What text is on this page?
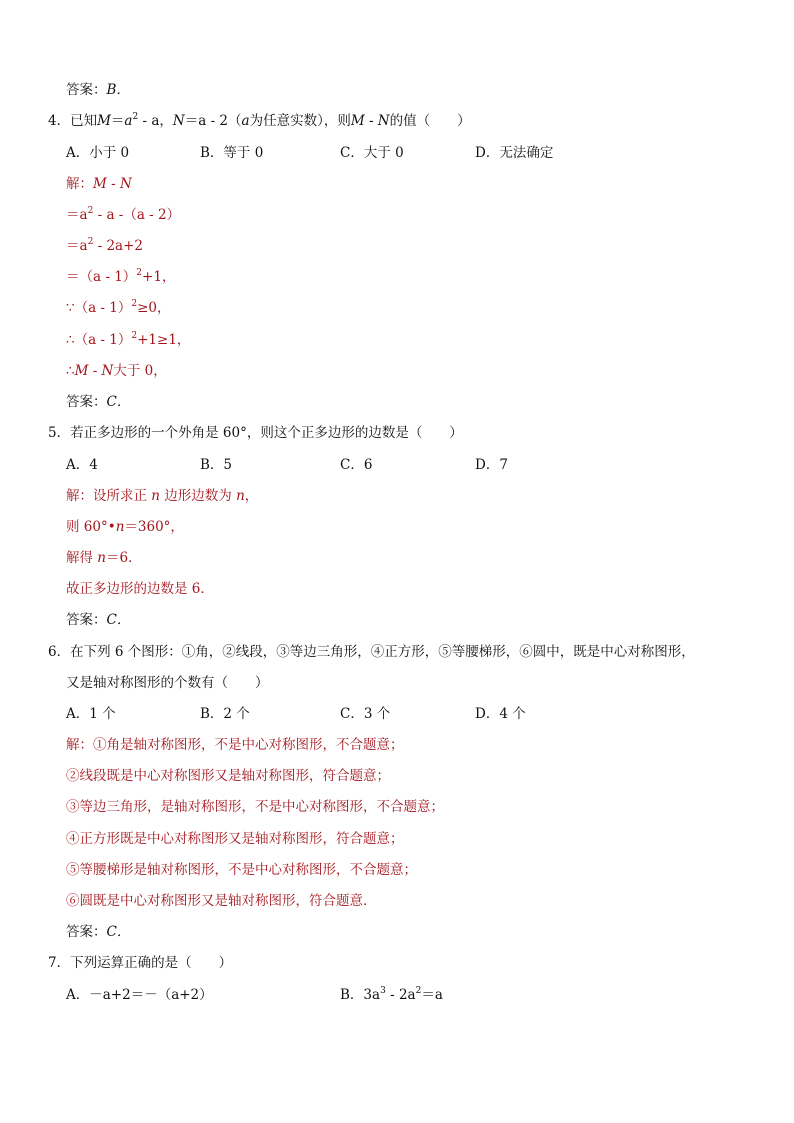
答案：B．
4．已知$M=a^2 - a$，N＝a - 2（a为任意实数），则M - N的值（　　）
A．小于 0	B．等于 0	C．大于 0	D．无法确定
解：M - N
$=a^2 - a$ -（a - 2）
$=a^2 - 2a+2$
＝（a - 1）$^2$+1，
∵（a - 1）$^2$≥0，
∴（a - 1）$^2$+1≥1，
∴M - N大于 0，
答案：C．
5．若正多边形的一个外角是 60°，则这个正多边形的边数是（　　）
A．4	B．5	C．6	D．7
解：设所求正 n 边形边数为 n，
则 60°•n＝360°，
解得 n＝6．
故正多边形的边数是 6．
答案：C．
6．在下列 6 个图形：①角，②线段，③等边三角形，④正方形，⑤等腰梯形，⑥圆中，既是中心对称图形，
又是轴对称图形的个数有（　　）
A．1 个	B．2 个	C．3 个	D．4 个
解：①角是轴对称图形，不是中心对称图形，不合题意；
②线段既是中心对称图形又是轴对称图形，符合题意；
③等边三角形，是轴对称图形，不是中心对称图形，不合题意；
④正方形既是中心对称图形又是轴对称图形，符合题意；
⑤等腰梯形是轴对称图形，不是中心对称图形，不合题意；
⑥圆既是中心对称图形又是轴对称图形，符合题意．
答案：C．
7．下列运算正确的是（　　）
A．－a+2＝－（a+2）	B．$3a^3 - 2a^2=a$
